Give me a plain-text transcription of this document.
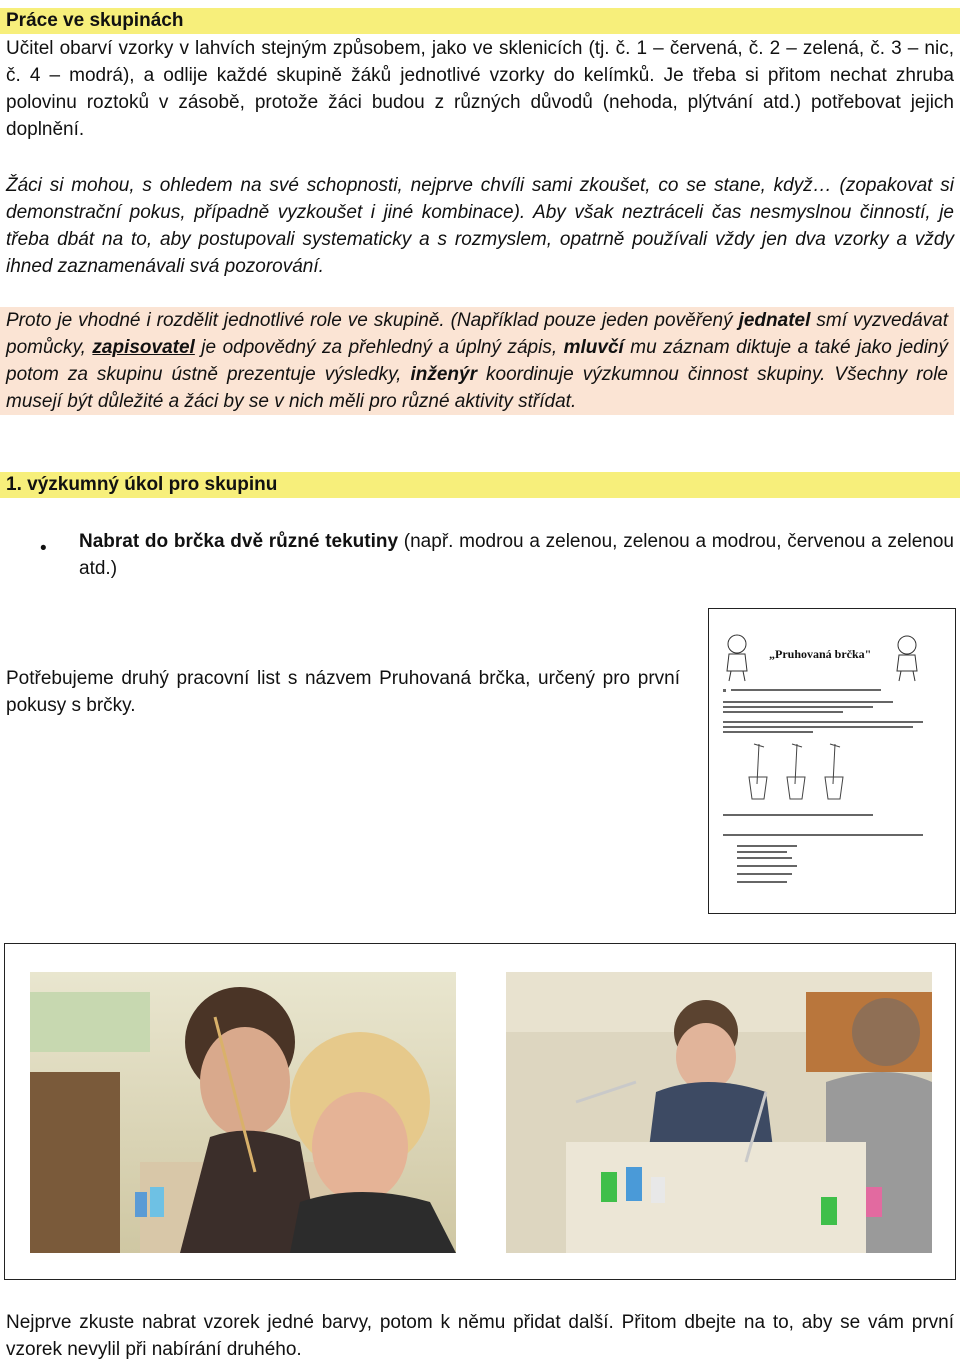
Práce ve skupinách
Učitel obarví vzorky v lahvích stejným způsobem, jako ve sklenicích (tj. č. 1 – červená, č. 2 – zelená, č. 3 – nic, č. 4 – modrá), a odlije každé skupině žáků jednotlivé vzorky do kelímků. Je třeba si přitom nechat zhruba polovinu roztoků v zásobě, protože žáci budou z různých důvodů (nehoda, plýtvání atd.) potřebovat jejich doplnění.
Žáci si mohou, s ohledem na své schopnosti, nejprve chvíli sami zkoušet, co se stane, když… (zopakovat si demonstrační pokus, případně vyzkoušet i jiné kombinace). Aby však neztráceli čas nesmyslnou činností, je třeba dbát na to, aby postupovali systematicky a s rozmyslem, opatrně používali vždy jen dva vzorky a vždy ihned zaznamenávali svá pozorování.
Proto je vhodné i rozdělit jednotlivé role ve skupině. (Například pouze jeden pověřený jednatel smí vyzvedávat pomůcky, zapisovatel je odpovědný za přehledný a úplný zápis, mluvčí mu záznam diktuje a také jako jediný potom za skupinu ústně prezentuje výsledky, inženýr koordinuje výzkumnou činnost skupiny. Všechny role musejí být důležité a žáci by se v nich měli pro různé aktivity střídat.
1. výzkumný úkol pro skupinu
• Nabrat do brčka dvě různé tekutiny (např. modrou a zelenou, zelenou a modrou, červenou a zelenou atd.)
Potřebujeme druhý pracovní list s názvem Pruhovaná brčka, určený pro první pokusy s brčky.
„Pruhovaná brčka"
Nejprve zkuste nabrat vzorek jedné barvy, potom k němu přidat další. Přitom dbejte na to, aby se vám první vzorek nevylil při nabírání druhého.
